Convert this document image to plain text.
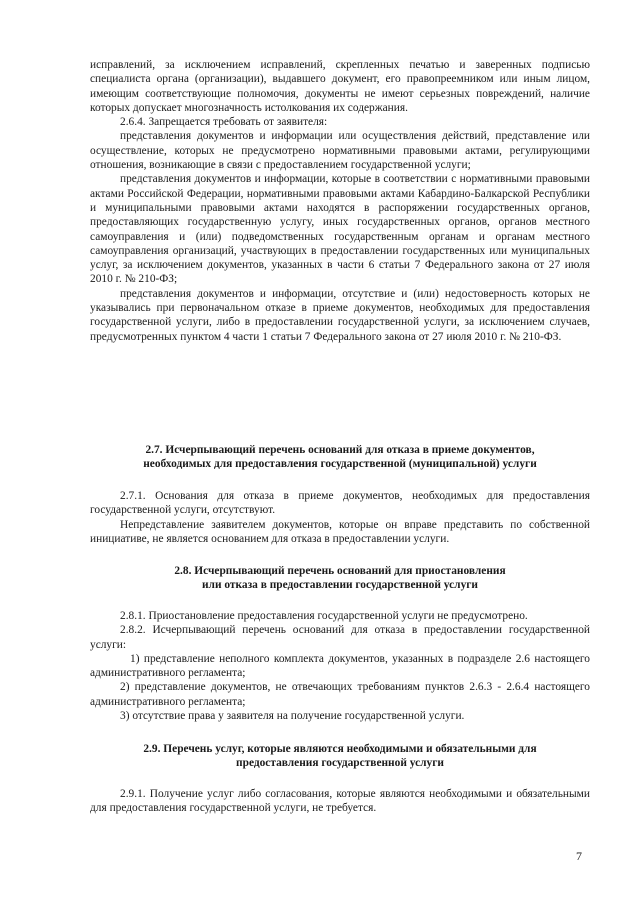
исправлений, за исключением исправлений, скрепленных печатью и заверенных подписью специалиста органа (организации), выдавшего документ, его правопреемником или иным лицом, имеющим соответствующие полномочия, документы не имеют серьезных повреждений, наличие которых допускает многозначность истолкования их содержания.

2.6.4. Запрещается требовать от заявителя:

представления документов и информации или осуществления действий, представление или осуществление, которых не предусмотрено нормативными правовыми актами, регулирующими отношения, возникающие в связи с предоставлением государственной услуги;

представления документов и информации, которые в соответствии с нормативными правовыми актами Российской Федерации, нормативными правовыми актами Кабардино-Балкарской Республики и муниципальными правовыми актами находятся в распоряжении государственных органов, предоставляющих государственную услугу, иных государственных органов, органов местного самоуправления и (или) подведомственных государственным органам и органам местного самоуправления организаций, участвующих в предоставлении государственных или муниципальных услуг, за исключением документов, указанных в части 6 статьи 7 Федерального закона от 27 июля 2010 г. № 210-ФЗ;

представления документов и информации, отсутствие и (или) недостоверность которых не указывались при первоначальном отказе в приеме документов, необходимых для предоставления государственной услуги, либо в предоставлении государственной услуги, за исключением случаев, предусмотренных пунктом 4 части 1 статьи 7 Федерального закона от 27 июля 2010 г. № 210-ФЗ.

2.7. Исчерпывающий перечень оснований для отказа в приеме документов,
необходимых для предоставления государственной (муниципальной) услуги

2.7.1. Основания для отказа в приеме документов, необходимых для предоставления государственной услуги, отсутствуют.

Непредставление заявителем документов, которые он вправе представить по собственной инициативе, не является основанием для отказа в предоставлении услуги.

2.8. Исчерпывающий перечень оснований для приостановления
или отказа в предоставлении государственной услуги

2.8.1. Приостановление предоставления государственной услуги не предусмотрено.

2.8.2. Исчерпывающий перечень оснований для отказа в предоставлении государственной услуги:

1) представление неполного комплекта документов, указанных в подразделе 2.6 настоящего административного регламента;

2) представление документов, не отвечающих требованиям пунктов 2.6.3 - 2.6.4 настоящего административного регламента;

3) отсутствие права у заявителя на получение государственной услуги.

2.9. Перечень услуг, которые являются необходимыми и обязательными для
предоставления государственной услуги

2.9.1. Получение услуг либо согласования, которые являются необходимыми и обязательными для предоставления государственной услуги, не требуется.

7
